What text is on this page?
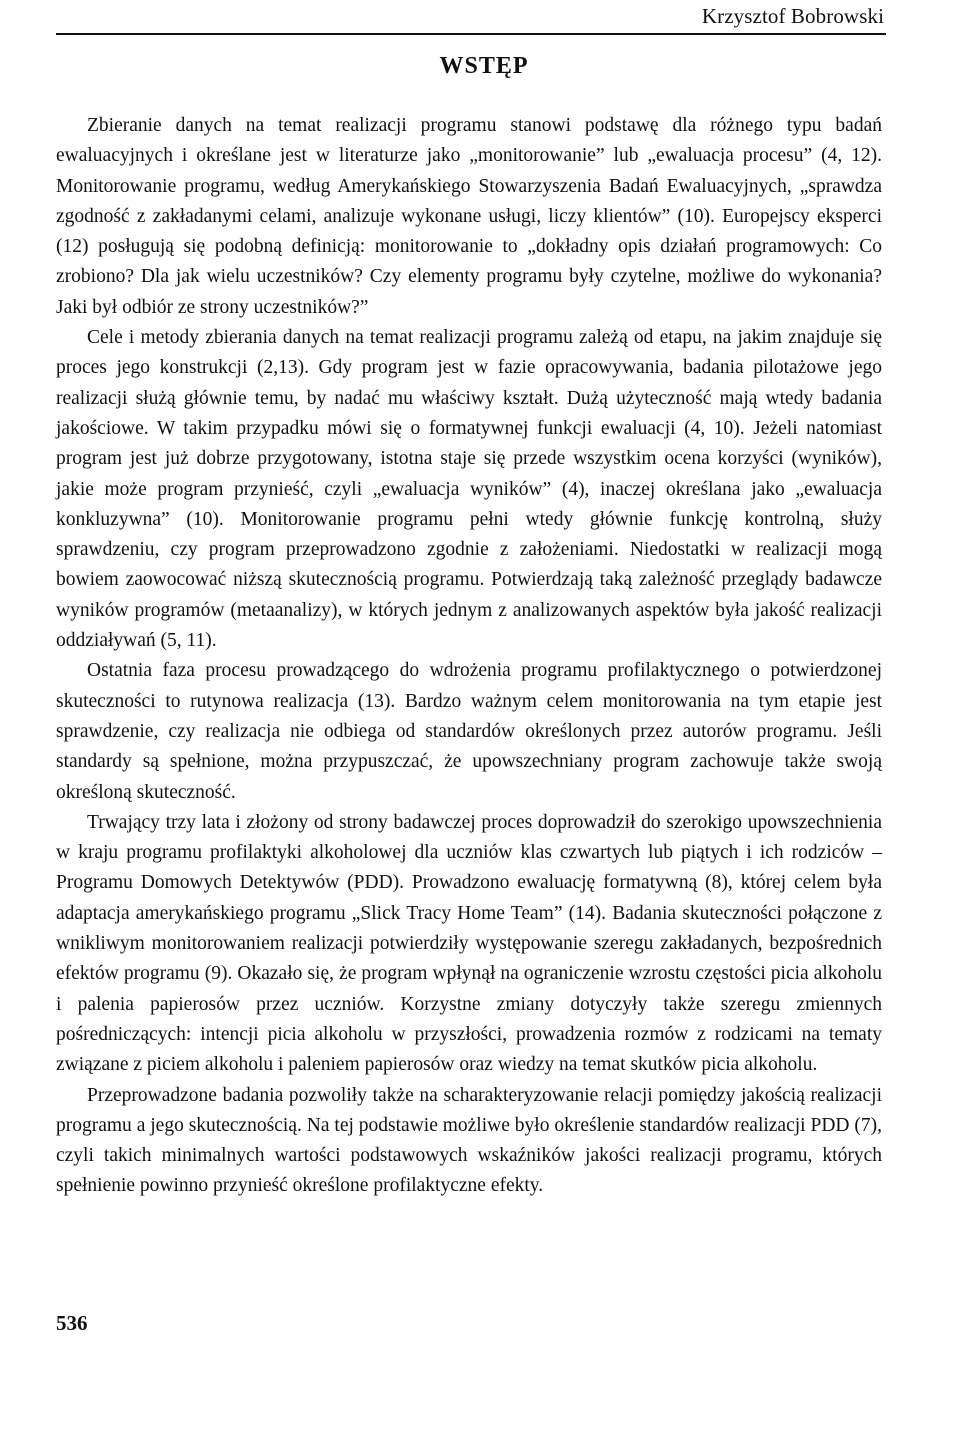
Krzysztof Bobrowski
WSTĘP

Zbieranie danych na temat realizacji programu stanowi podstawę dla różnego typu badań ewaluacyjnych i określane jest w literaturze jako „monitorowanie” lub „ewaluacja procesu” (4, 12). Monitorowanie programu, według Amerykańskiego Stowarzyszenia Badań Ewaluacyjnych, „sprawdza zgodność z zakładanymi celami, analizuje wykonane usługi, liczy klientów” (10). Europejscy eksperci (12) posługują się podobną definicją: monitorowanie to „dokładny opis działań programowych: Co zrobiono? Dla jak wielu uczestników? Czy elementy programu były czytelne, możliwe do wykonania? Jaki był odbiór ze strony uczestników?”

Cele i metody zbierania danych na temat realizacji programu zależą od etapu, na jakim znajduje się proces jego konstrukcji (2,13). Gdy program jest w fazie opracowywania, badania pilotażowe jego realizacji służą głównie temu, by nadać mu właściwy kształt. Dużą użyteczność mają wtedy badania jakościowe. W takim przypadku mówi się o formatywnej funkcji ewaluacji (4, 10). Jeżeli natomiast program jest już dobrze przygotowany, istotna staje się przede wszystkim ocena korzyści (wyników), jakie może program przynieść, czyli „ewaluacja wyników” (4), inaczej określana jako „ewaluacja konkluzywna” (10). Monitorowanie programu pełni wtedy głównie funkcję kontrolną, służy sprawdzeniu, czy program przeprowadzono zgodnie z założeniami. Niedostatki w realizacji mogą bowiem zaowocować niższą skutecznością programu. Potwierdzają taką zależność przeglądy badawcze wyników programów (metaanalizy), w których jednym z analizowanych aspektów była jakość realizacji oddziaływań (5, 11).

Ostatnia faza procesu prowadzącego do wdrożenia programu profilaktycznego o potwierdzonej skuteczności to rutynowa realizacja (13). Bardzo ważnym celem monitorowania na tym etapie jest sprawdzenie, czy realizacja nie odbiega od standardów określonych przez autorów programu. Jeśli standardy są spełnione, można przypuszczać, że upowszechniany program zachowuje także swoją określoną skuteczność.

Trwający trzy lata i złożony od strony badawczej proces doprowadził do szerokigo upowszechnienia w kraju programu profilaktyki alkoholowej dla uczniów klas czwartych lub piątych i ich rodziców – Programu Domowych Detektywów (PDD). Prowadzono ewaluację formatywną (8), której celem była adaptacja amerykańskiego programu „Slick Tracy Home Team” (14). Badania skuteczności połączone z wnikliwym monitorowaniem realizacji potwierdziły występowanie szeregu zakładanych, bezpośrednich efektów programu (9). Okazało się, że program wpłynął na ograniczenie wzrostu częstości picia alkoholu i palenia papierosów przez uczniów. Korzystne zmiany dotyczyły także szeregu zmiennych pośredniczących: intencji picia alkoholu w przyszłości, prowadzenia rozmów z rodzicami na tematy związane z piciem alkoholu i paleniem papierosów oraz wiedzy na temat skutków picia alkoholu.

Przeprowadzone badania pozwoliły także na scharakteryzowanie relacji pomiędzy jakością realizacji programu a jego skutecznością. Na tej podstawie możliwe było określenie standardów realizacji PDD (7), czyli takich minimalnych wartości podstawowych wskaźników jakości realizacji programu, których spełnienie powinno przynieść określone profilaktyczne efekty.

536
